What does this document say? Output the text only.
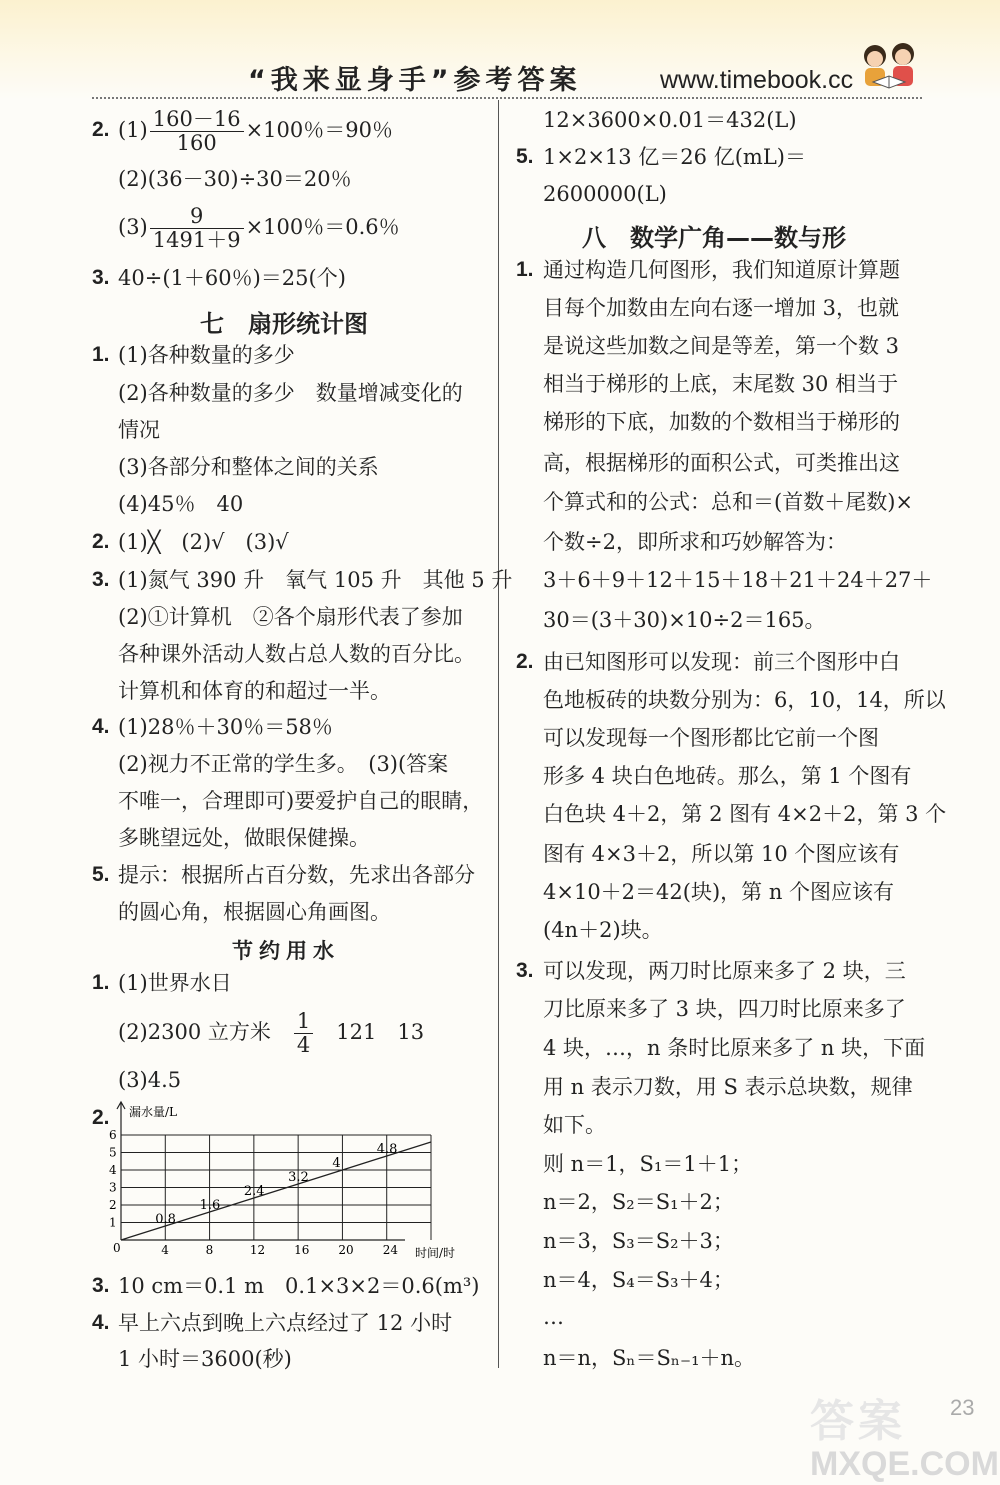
“我来显身手”参考答案	www.timebook.cc
2. $(1) \frac{160-16}{160} \times 100$％＝90％
(2)(36－30)÷30＝20％
$(3) \frac{9}{1491+9} \times 100$％＝0.6％
3. 40÷(1＋60％)＝25(个)
七　扇形统计图
1. (1)各种数量的多少
(2)各种数量的多少　数量增减变化的
情况
(3)各部分和整体之间的关系
(4)45％　40
2. (1)╳　(2)√　(3)√
3. (1)氮气 390 升　氧气 105 升　其他 5 升
(2)①计算机　②各个扇形代表了参加
各种课外活动人数占总人数的百分比。
计算机和体育的和超过一半。
4. (1)28％＋30％＝58％
(2)视力不正常的学生多。　(3)(答案
不唯一，合理即可)要爱护自己的眼睛，
多眺望远处，做眼保健操。
5. 提示：根据所占百分数，先求出各部分
的圆心角，根据圆心角画图。
节约用水
1. (1)世界水日
(2)2300 立方米  $\frac{1}{4}$
  121　13
(3)4.5
2. 漏水量/L
时间/时
0	4	8	12 16 20 24
1
2
3
4
5
6
0.8
1.6
2.4
3.2
4
4.8
3. 10 cm＝0.1 m　0.1×3×2＝0.6(m³)
4. 早上六点到晚上六点经过了 12 小时
1 小时＝3600(秒)
12×3600×0.01＝432(L)
5. 1×2×13 亿＝26 亿(mL)＝
2600000(L)
八　数学广角——数与形
1. 通过构造几何图形，我们知道原计算题
目每个加数由左向右逐一增加 3，也就
是说这些加数之间是等差，第一个数 3
相当于梯形的上底，末尾数 30 相当于
梯形的下底，加数的个数相当于梯形的
高，根据梯形的面积公式，可类推出这
个算式和的公式：总和＝(首数＋尾数)×
个数÷2，即所求和巧妙解答为：
3＋6＋9＋12＋15＋18＋21＋24＋27＋
30＝(3＋30)×10÷2＝165。
2. 由已知图形可以发现：前三个图形中白
色地板砖的块数分别为：6，10，14，所以
可以发现每一个图形都比它前一个图
形多 4 块白色地砖。那么，第 1 个图有
白色块 4＋2，第 2 图有 4×2＋2，第 3 个
图有 4×3＋2，所以第 10 个图应该有
4×10＋2＝42(块)，第 n 个图应该有
(4n＋2)块。
3. 可以发现，两刀时比原来多了 2 块，三
刀比原来多了 3 块，四刀时比原来多了
4 块，…，n 条时比原来多了 n 块，下面
用 n 表示刀数，用 S 表示总块数，规律
如下。
则 n＝1，S₁＝1＋1；
n＝2，S₂＝S₁＋2；
n＝3，S₃＝S₂＋3；
n＝4，S₄＝S₃＋4；
…
n＝n，Sₙ＝Sₙ₋₁＋n。
答案
MXQE.COM
23
